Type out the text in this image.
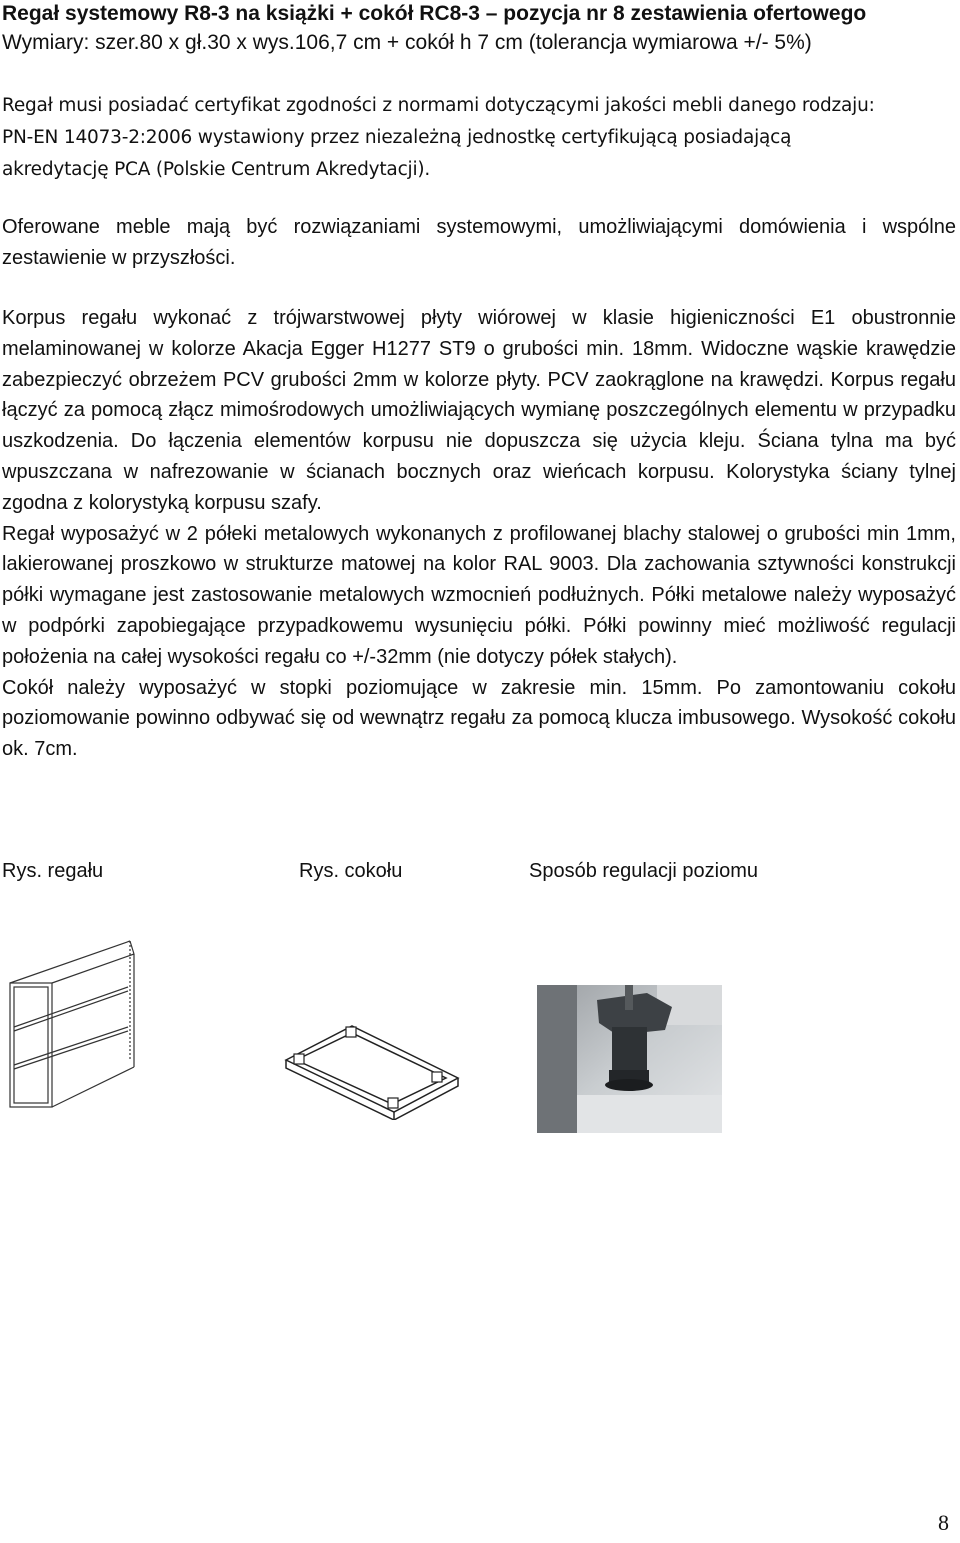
Regał systemowy R8-3 na książki + cokół RC8-3 – pozycja nr 8 zestawienia ofertowego
Wymiary: szer.80 x gł.30 x wys.106,7 cm + cokół h 7 cm (tolerancja wymiarowa +/- 5%)
Regał musi posiadać certyfikat zgodności z normami dotyczącymi jakości mebli danego rodzaju: PN-EN 14073-2:2006 wystawiony przez niezależną jednostkę certyfikującą posiadającą akredytację PCA (Polskie Centrum Akredytacji).
Oferowane meble mają być rozwiązaniami systemowymi, umożliwiającymi domówienia i wspólne zestawienie w przyszłości.
Korpus regału wykonać z trójwarstwowej płyty wiórowej w klasie higieniczności E1 obustronnie melaminowanej w kolorze Akacja Egger H1277 ST9 o grubości min. 18mm. Widoczne wąskie krawędzie zabezpieczyć obrzeżem PCV grubości 2mm w kolorze płyty. PCV zaokrąglone na krawędzi. Korpus regału łączyć za pomocą złącz mimośrodowych umożliwiających wymianę poszczególnych elementu w przypadku uszkodzenia. Do łączenia elementów korpusu nie dopuszcza się użycia kleju. Ściana tylna ma być wpuszczana w nafrezowanie w ścianach bocznych oraz wieńcach korpusu. Kolorystyka ściany tylnej zgodna z kolorystyką korpusu szafy.
Regał wyposażyć w 2 półeki metalowych wykonanych z profilowanej blachy stalowej o grubości min 1mm, lakierowanej proszkowo w strukturze matowej na kolor RAL 9003. Dla zachowania sztywności konstrukcji półki wymagane jest zastosowanie metalowych wzmocnień podłużnych. Półki metalowe należy wyposażyć w podpórki zapobiegające przypadkowemu wysunięciu półki. Półki powinny mieć możliwość regulacji położenia na całej wysokości regału co +/-32mm (nie dotyczy półek stałych).
Cokół należy wyposażyć w stopki poziomujące w zakresie min. 15mm. Po zamontowaniu cokołu poziomowanie powinno odbywać się od wewnątrz regału za pomocą klucza imbusowego. Wysokość cokołu ok. 7cm.
Rys. regału	Rys. cokołu	Sposób regulacji poziomu
8
